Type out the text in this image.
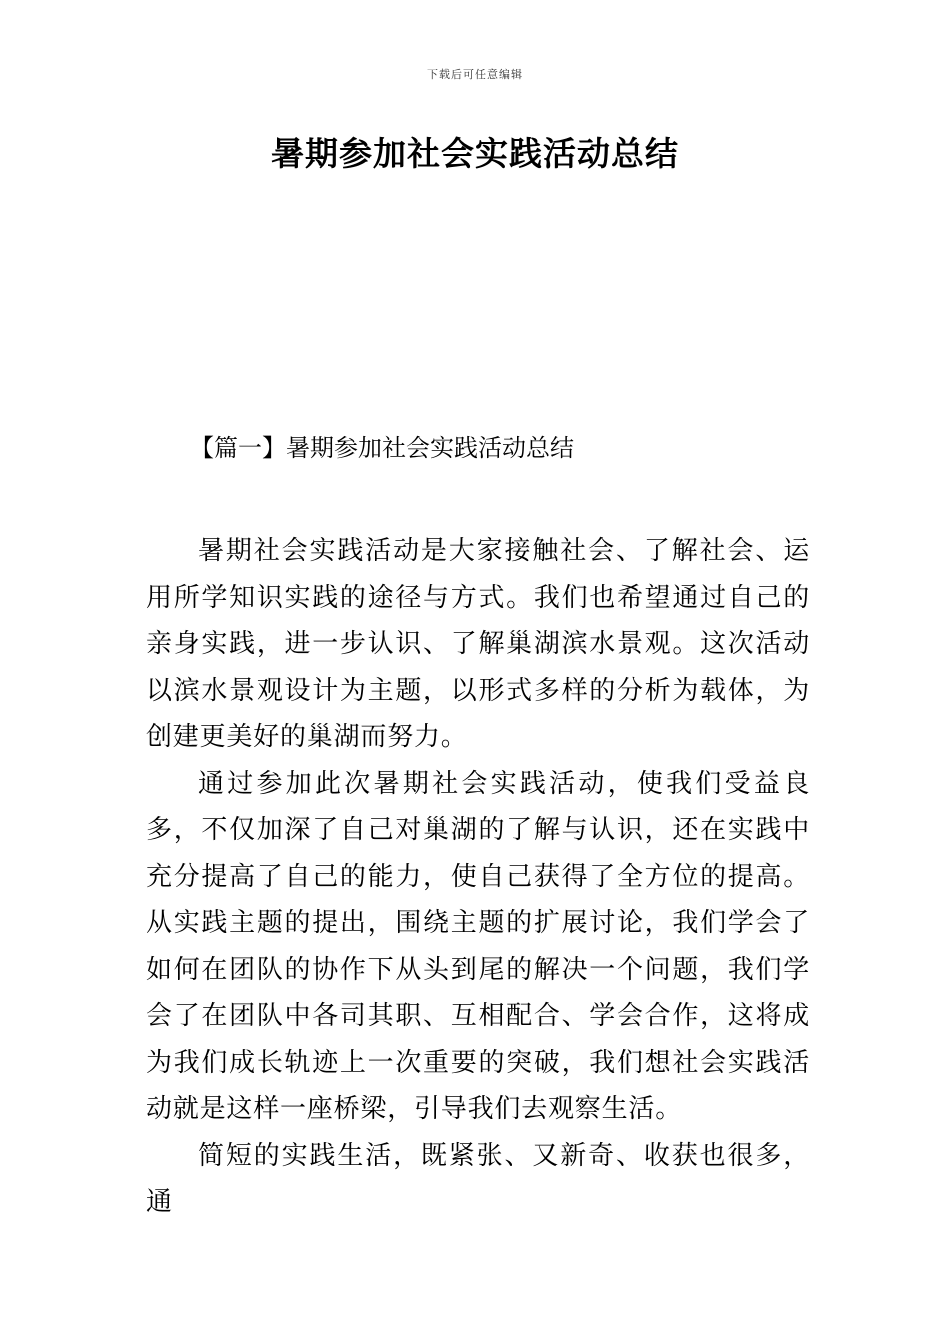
下载后可任意编辑
暑期参加社会实践活动总结
【篇一】暑期参加社会实践活动总结

暑期社会实践活动是大家接触社会、了解社会、运用所学知识实践的途径与方式。我们也希望通过自己的亲身实践，进一步认识、了解巢湖滨水景观。这次活动以滨水景观设计为主题，以形式多样的分析为载体，为创建更美好的巢湖而努力。

通过参加此次暑期社会实践活动，使我们受益良多，不仅加深了自己对巢湖的了解与认识，还在实践中充分提高了自己的能力，使自己获得了全方位的提高。从实践主题的提出，围绕主题的扩展讨论，我们学会了如何在团队的协作下从头到尾的解决一个问题，我们学会了在团队中各司其职、互相配合、学会合作，这将成为我们成长轨迹上一次重要的突破，我们想社会实践活动就是这样一座桥梁，引导我们去观察生活。

简短的实践生活，既紧张、又新奇、收获也很多，通
